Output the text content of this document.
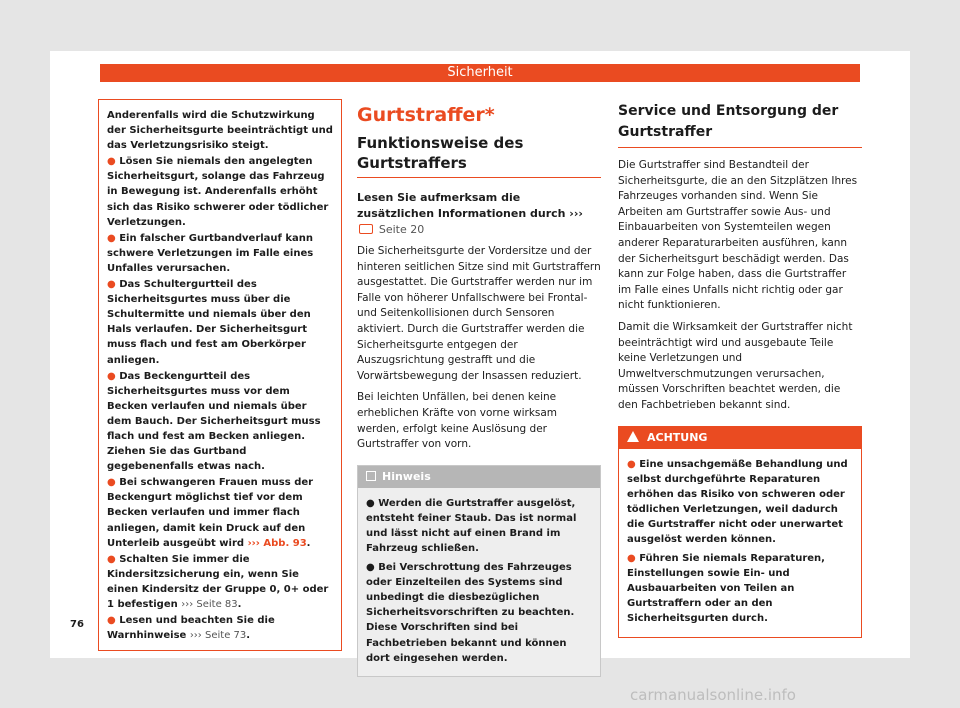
Sicherheit

Anderenfalls wird die Schutzwirkung der Sicherheitsgurte beeinträchtigt und das Verletzungsrisiko steigt.

● Lösen Sie niemals den angelegten Sicherheitsgurt, solange das Fahrzeug in Bewegung ist. Anderenfalls erhöht sich das Risiko schwerer oder tödlicher Verletzungen.

● Ein falscher Gurtbandverlauf kann schwere Verletzungen im Falle eines Unfalles verursachen.

● Das Schultergurtteil des Sicherheitsgurtes muss über die Schultermitte und niemals über den Hals verlaufen. Der Sicherheitsgurt muss flach und fest am Oberkörper anliegen.

● Das Beckengurtteil des Sicherheitsgurtes muss vor dem Becken verlaufen und niemals über dem Bauch. Der Sicherheitsgurt muss flach und fest am Becken anliegen. Ziehen Sie das Gurtband gegebenenfalls etwas nach.

● Bei schwangeren Frauen muss der Beckengurt möglichst tief vor dem Becken verlaufen und immer flach anliegen, damit kein Druck auf den Unterleib ausgeübt wird ››› Abb. 93.

● Schalten Sie immer die Kindersitzsicherung ein, wenn Sie einen Kindersitz der Gruppe 0, 0+ oder 1 befestigen ››› Seite 83.

● Lesen und beachten Sie die Warnhinweise ››› Seite 73.

Gurtstraffer*
Funktionsweise des Gurtstraffers
Lesen Sie aufmerksam die zusätzlichen Informationen durch ›››  Seite 20

Die Sicherheitsgurte der Vordersitze und der hinteren seitlichen Sitze sind mit Gurtstraffern ausgestattet. Die Gurtstraffer werden nur im Falle von höherer Unfallschwere bei Frontal- und Seitenkollisionen durch Sensoren aktiviert. Durch die Gurtstraffer werden die Sicherheitsgurte entgegen der Auszugsrichtung gestrafft und die Vorwärtsbewegung der Insassen reduziert.

Bei leichten Unfällen, bei denen keine erheblichen Kräfte von vorne wirksam werden, erfolgt keine Auslösung der Gurtstraffer von vorn.

Hinweis

● Werden die Gurtstraffer ausgelöst, entsteht feiner Staub. Das ist normal und lässt nicht auf einen Brand im Fahrzeug schließen.

● Bei Verschrottung des Fahrzeuges oder Einzelteilen des Systems sind unbedingt die diesbezüglichen Sicherheitsvorschriften zu beachten. Diese Vorschriften sind bei Fachbetrieben bekannt und können dort eingesehen werden.

Service und Entsorgung der Gurtstraffer

Die Gurtstraffer sind Bestandteil der Sicherheitsgurte, die an den Sitzplätzen Ihres Fahrzeuges vorhanden sind. Wenn Sie Arbeiten am Gurtstraffer sowie Aus- und Einbauarbeiten von Systemteilen wegen anderer Reparaturarbeiten ausführen, kann der Sicherheitsgurt beschädigt werden. Das kann zur Folge haben, dass die Gurtstraffer im Falle eines Unfalls nicht richtig oder gar nicht funktionieren.

Damit die Wirksamkeit der Gurtstraffer nicht beeinträchtigt wird und ausgebaute Teile keine Verletzungen und Umweltverschmutzungen verursachen, müssen Vorschriften beachtet werden, die den Fachbetrieben bekannt sind.

ACHTUNG

● Eine unsachgemäße Behandlung und selbst durchgeführte Reparaturen erhöhen das Risiko von schweren oder tödlichen Verletzungen, weil dadurch die Gurtstraffer nicht oder unerwartet ausgelöst werden können.

● Führen Sie niemals Reparaturen, Einstellungen sowie Ein- und Ausbauarbeiten von Teilen an Gurtstraffern oder an den Sicherheitsgurten durch.

76
carmanualsonline.info
